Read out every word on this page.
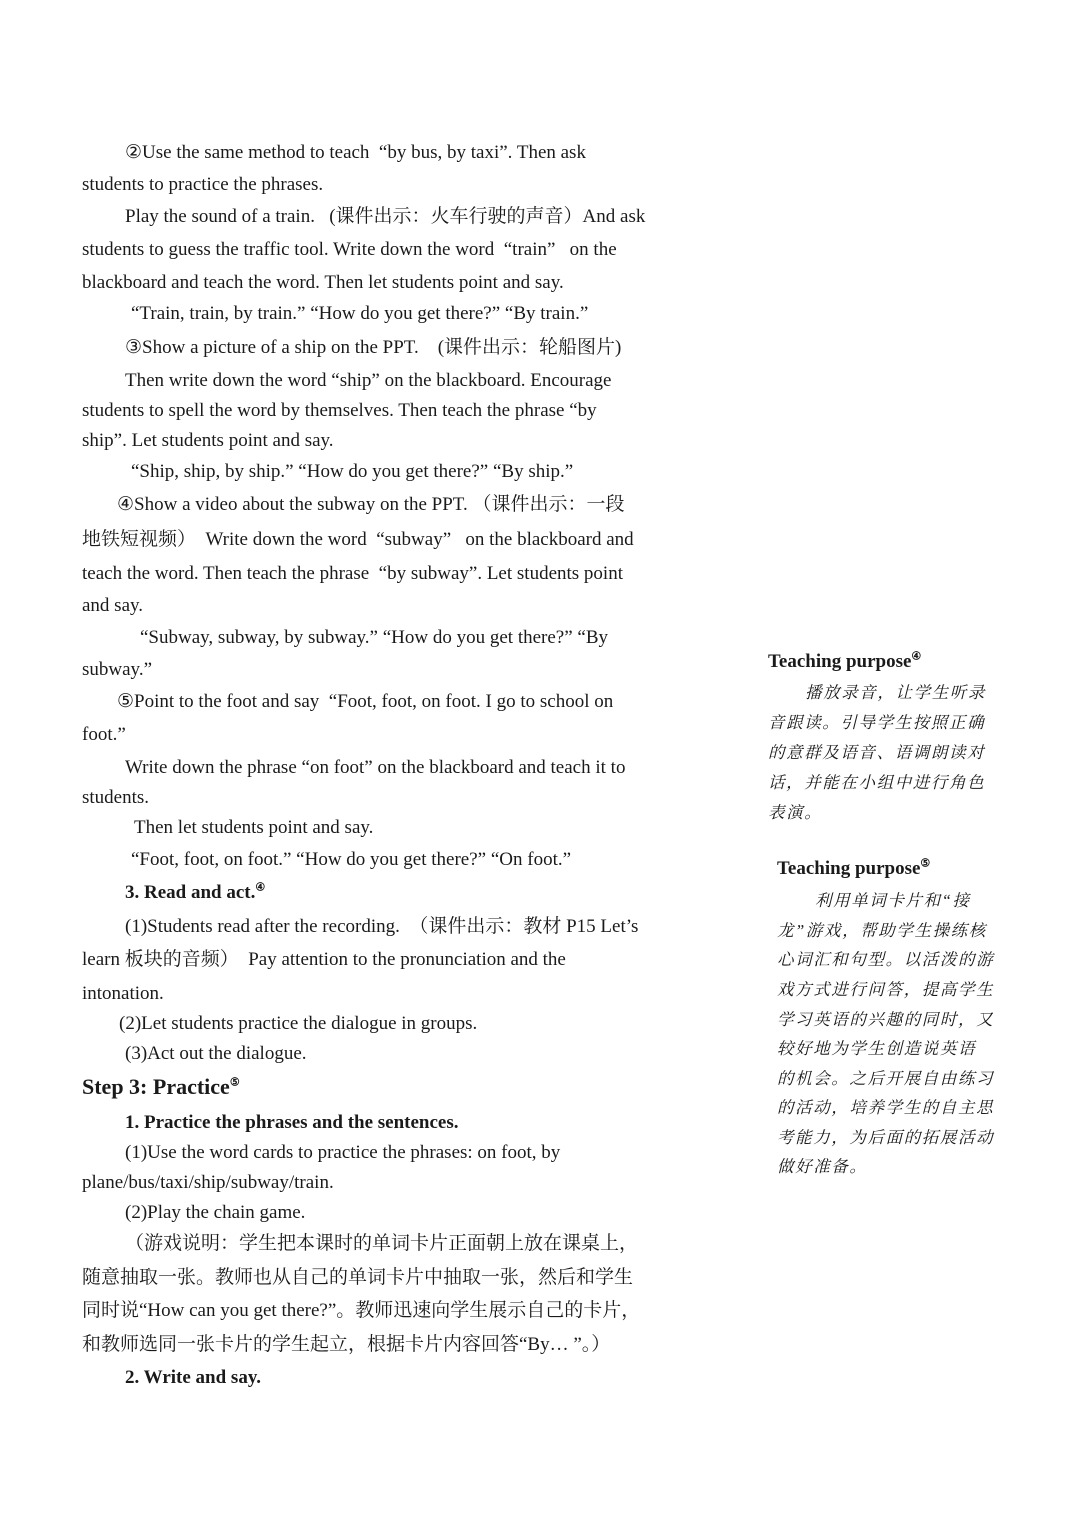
②Use the same method to teach  “by bus, by taxi”. Then ask
students to practice the phrases.
Play the sound of a train.   (课件出示：火车行驶的声音）And ask
students to guess the traffic tool. Write down the word  “train”   on the
blackboard and teach the word. Then let students point and say.
“Train, train, by train.” “How do you get there?” “By train.”
③Show a picture of a ship on the PPT.    (课件出示：轮船图片)
Then write down the word “ship” on the blackboard. Encourage
students to spell the word by themselves. Then teach the phrase “by
ship”. Let students point and say.
“Ship, ship, by ship.” “How do you get there?” “By ship.”
④Show a video about the subway on the PPT. （课件出示：一段
地铁短视频）  Write down the word  “subway”   on the blackboard and
teach the word. Then teach the phrase  “by subway”. Let students point
and say.
“Subway, subway, by subway.” “How do you get there?” “By
subway.”
⑤Point to the foot and say  “Foot, foot, on foot. I go to school on
foot.”
Write down the phrase “on foot” on the blackboard and teach it to
students.
Then let students point and say.
“Foot, foot, on foot.” “How do you get there?” “On foot.”
3. Read and act.④
(1)Students read after the recording.  （课件出示：教材 P15 Let’s
learn 板块的音频）  Pay attention to the pronunciation and the
intonation.
(2)Let students practice the dialogue in groups.
(3)Act out the dialogue.
Step 3: Practice⑤
1. Practice the phrases and the sentences.
(1)Use the word cards to practice the phrases: on foot, by
plane/bus/taxi/ship/subway/train.
(2)Play the chain game.
（游戏说明：学生把本课时的单词卡片正面朝上放在课桌上，
随意抽取一张。教师也从自己的单词卡片中抽取一张，然后和学生
同时说“How can you get there?”。教师迅速向学生展示自己的卡片，
和教师选同一张卡片的学生起立，根据卡片内容回答“By… ”。）
2. Write and say.
Teaching purpose④
播放录音，让学生听录
音跟读。引导学生按照正确
的意群及语音、语调朗读对
话，并能在小组中进行角色
表演。
Teaching purpose⑤
利用单词卡片和“接
龙”游戏，帮助学生操练核
心词汇和句型。以活泼的游
戏方式进行问答，提高学生
学习英语的兴趣的同时，又
较好地为学生创造说英语
的机会。之后开展自由练习
的活动，培养学生的自主思
考能力，为后面的拓展活动
做好准备。
